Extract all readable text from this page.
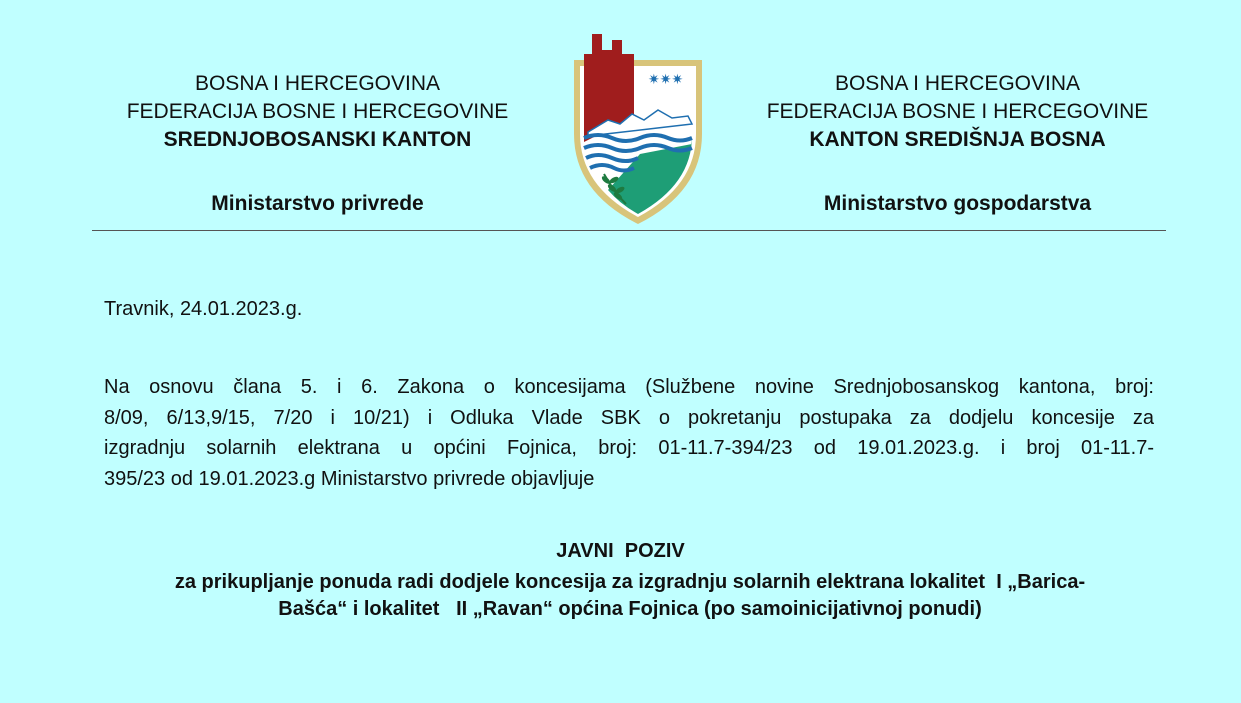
BOSNA I HERCEGOVINA
FEDERACIJA BOSNE I HERCEGOVINE
SREDNJOBOSANSKI KANTON
Ministarstvo privrede
✷✷✷	BOSNA I HERCEGOVINA
FEDERACIJA BOSNE I HERCEGOVINE
KANTON SREDIŠNJA BOSNA
Ministarstvo gospodarstva
Travnik, 24.01.2023.g.
Na osnovu člana 5. i 6. Zakona o koncesijama (Službene novine Srednjobosanskog kantona, broj:
8/09, 6/13,9/15, 7/20 i 10/21) i Odluka Vlade SBK o pokretanju postupaka za dodjelu koncesije za
izgradnju solarnih elektrana u općini Fojnica, broj: 01-11.7-394/23 od 19.01.2023.g. i broj 01-11.7-
395/23 od 19.01.2023.g Ministarstvo privrede objavljuje
JAVNI  POZIV
za prikupljanje ponuda radi dodjele koncesija za izgradnju solarnih elektrana lokalitet  I „Barica-
Bašća“ i lokalitet   II „Ravan“ općina Fojnica (po samoinicijativnoj ponudi)
